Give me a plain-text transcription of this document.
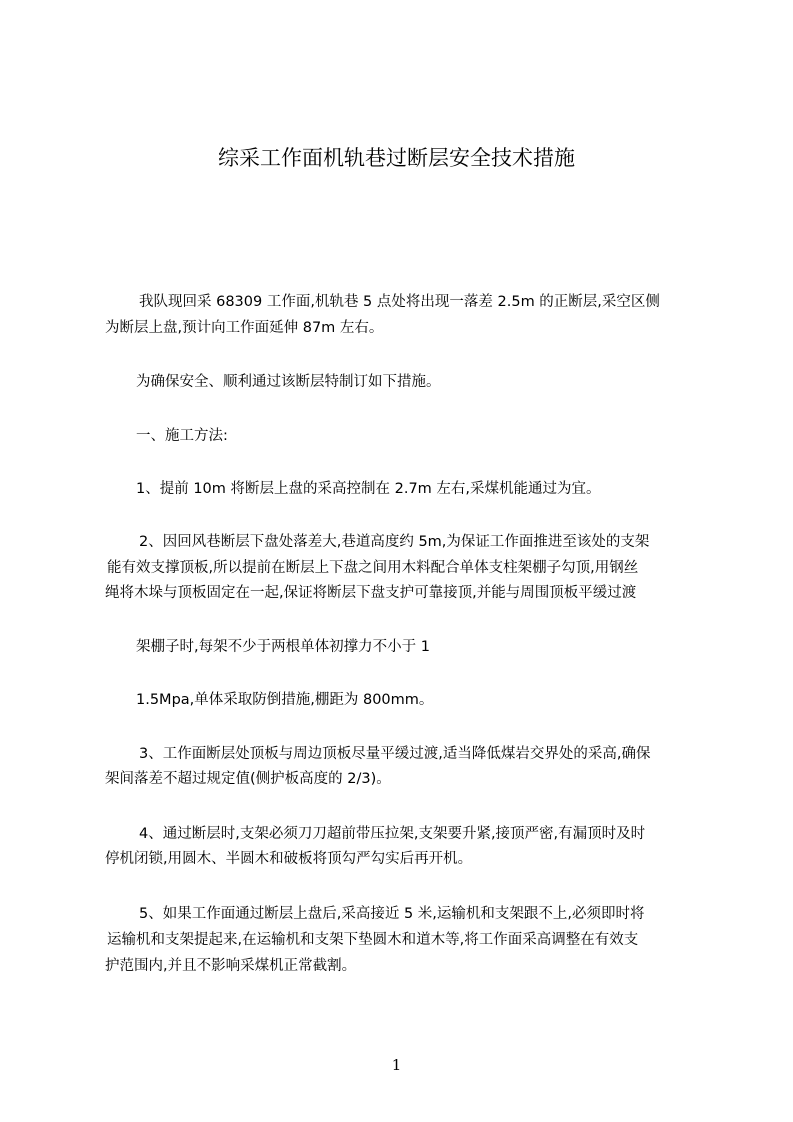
综采工作面机轨巷过断层安全技术措施
我队现回采 68309 工作面,机轨巷 5 点处将出现一落差 2.5m 的正断层,采空区侧
为断层上盘,预计向工作面延伸 87m 左右。
为确保安全、顺利通过该断层特制订如下措施。
一、施工方法:
1、提前 10m 将断层上盘的采高控制在 2.7m 左右,采煤机能通过为宜。
2、因回风巷断层下盘处落差大,巷道高度约 5m,为保证工作面推进至该处的支架
能有效支撑顶板,所以提前在断层上下盘之间用木料配合单体支柱架棚子勾顶,用钢丝
绳将木垛与顶板固定在一起,保证将断层下盘支护可靠接顶,并能与周围顶板平缓过渡
架棚子时,每架不少于两根单体初撑力不小于 1
1.5Mpa,单体采取防倒措施,棚距为 800mm。
3、工作面断层处顶板与周边顶板尽量平缓过渡,适当降低煤岩交界处的采高,确保
架间落差不超过规定值(侧护板高度的 2/3)。
4、通过断层时,支架必须刀刀超前带压拉架,支架要升紧,接顶严密,有漏顶时及时
停机闭锁,用圆木、半圆木和破板将顶勾严勾实后再开机。
5、如果工作面通过断层上盘后,采高接近 5 米,运输机和支架跟不上,必须即时将
运输机和支架提起来,在运输机和支架下垫圆木和道木等,将工作面采高调整在有效支
护范围内,并且不影响采煤机正常截割。
1
